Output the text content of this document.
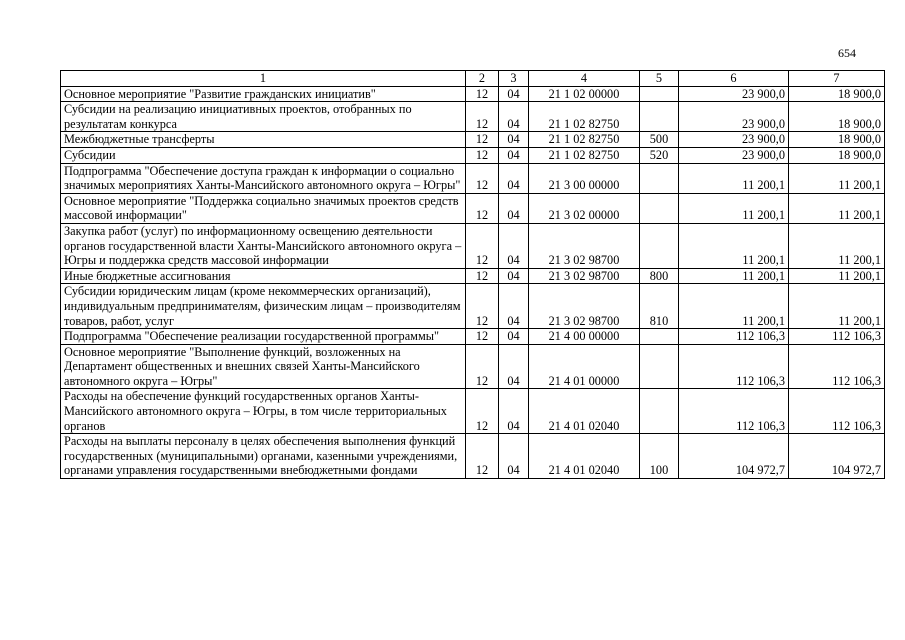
654
1	2	3	4	5	6	7
Основное мероприятие "Развитие гражданских инициатив"	12	04	21 1 02 00000		23 900,0	18 900,0
Субсидии на реализацию инициативных проектов, отобранных по результатам конкурса	12	04	21 1 02 82750		23 900,0	18 900,0
Межбюджетные трансферты	12	04	21 1 02 82750	500	23 900,0	18 900,0
Субсидии	12	04	21 1 02 82750	520	23 900,0	18 900,0
Подпрограмма "Обеспечение доступа граждан к информации о социально значимых мероприятиях Ханты-Мансийского автономного округа – Югры"	12	04	21 3 00 00000		11 200,1	11 200,1
Основное мероприятие "Поддержка социально значимых проектов средств массовой информации"	12	04	21 3 02 00000		11 200,1	11 200,1
Закупка работ (услуг) по информационному освещению деятельности органов государственной власти Ханты-Мансийского автономного округа – Югры и поддержка средств массовой информации	12	04	21 3 02 98700		11 200,1	11 200,1
Иные бюджетные ассигнования	12	04	21 3 02 98700	800	11 200,1	11 200,1
Субсидии юридическим лицам (кроме некоммерческих организаций), индивидуальным предпринимателям, физическим лицам – производителям товаров, работ, услуг	12	04	21 3 02 98700	810	11 200,1	11 200,1
Подпрограмма "Обеспечение реализации государственной программы"	12	04	21 4 00 00000		112 106,3	112 106,3
Основное мероприятие "Выполнение функций, возложенных на Департамент общественных и внешних связей Ханты-Мансийского автономного округа – Югры"	12	04	21 4 01 00000		112 106,3	112 106,3
Расходы на обеспечение функций государственных органов Ханты-Мансийского автономного округа – Югры, в том числе территориальных органов	12	04	21 4 01 02040		112 106,3	112 106,3
Расходы на выплаты персоналу в целях обеспечения выполнения функций государственных (муниципальными) органами, казенными учреждениями, органами управления государственными внебюджетными фондами	12	04	21 4 01 02040	100	104 972,7	104 972,7
